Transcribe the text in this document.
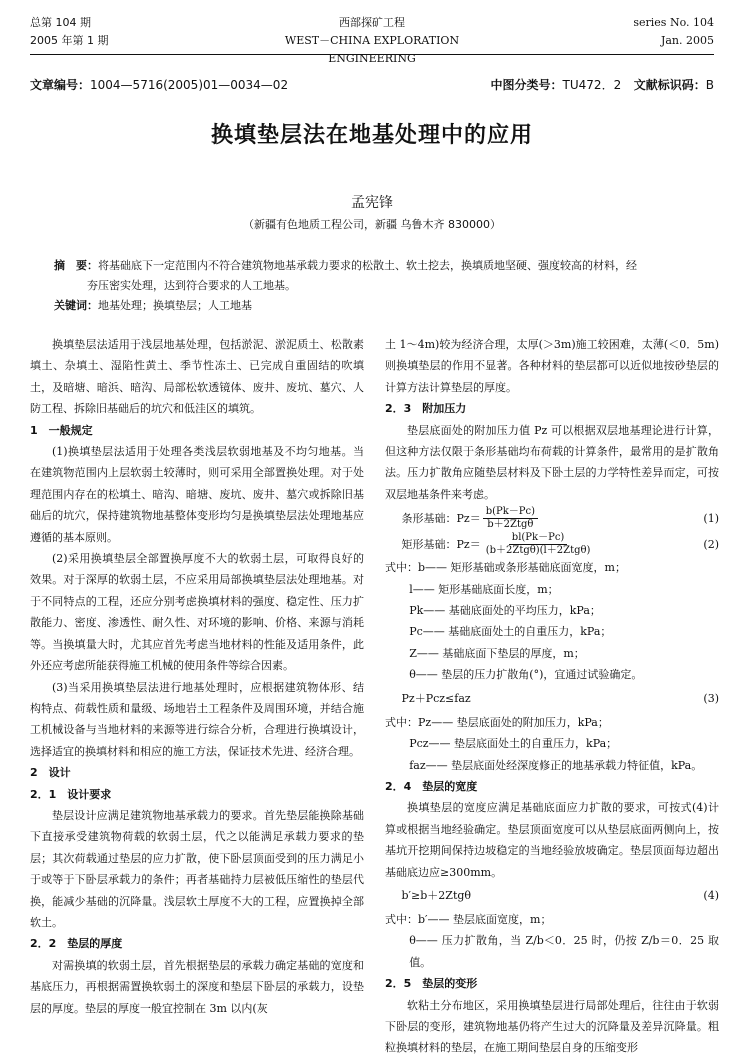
总第 104 期	西部探矿工程	series No. 104
2005 年第 1 期	WEST－CHINA EXPLORATION ENGINEERING
Jan. 2005
文章编号：1004—5716(2005)01—0034—02	中图分类号：TU472．2 文献标识码：B
换填垫层法在地基处理中的应用
孟宪锋
（新疆有色地质工程公司，新疆 乌鲁木齐 830000）
摘　要：将基础底下一定范围内不符合建筑物地基承载力要求的松散土、软土挖去，换填质地坚硬、强度较高的材料，经
夯压密实处理，达到符合要求的人工地基。
关键词：地基处理；换填垫层；人工地基

换填垫层法适用于浅层地基处理，包括淤泥、淤泥质土、松散素填土、杂填土、湿陷性黄土、季节性冻土、已完成自重固结的吹填土，及暗塘、暗浜、暗沟、局部松软透镜体、废井、废坑、墓穴、人防工程、拆除旧基础后的坑穴和低洼区的填筑。

1　一般规定

(1)换填垫层法适用于处理各类浅层软弱地基及不均匀地基。当在建筑物范围内上层软弱土较薄时，则可采用全部置换处理。对于处理范围内存在的松填土、暗沟、暗塘、废坑、废井、墓穴或拆除旧基础后的坑穴，保持建筑物地基整体变形均匀是换填垫层法处理地基应遵循的基本原则。

(2)采用换填垫层全部置换厚度不大的软弱土层，可取得良好的效果。对于深厚的软弱土层，不应采用局部换填垫层法处理地基。对于不同特点的工程，还应分别考虑换填材料的强度、稳定性、压力扩散能力、密度、渗透性、耐久性、对环境的影响、价格、来源与消耗等。当换填量大时，尤其应首先考虑当地材料的性能及适用条件，此外还应考虑所能获得施工机械的使用条件等综合因素。

(3)当采用换填垫层法进行地基处理时，应根据建筑物体形、结构特点、荷载性质和量级、场地岩土工程条件及周围环境，并结合施工机械设备与当地材料的来源等进行综合分析，合理进行换填设计，选择适宜的换填材料和相应的施工方法，保证技术先进、经济合理。

2　设计
2．1　设计要求

垫层设计应满足建筑物地基承载力的要求。首先垫层能换除基础下直接承受建筑物荷载的软弱土层，代之以能满足承载力要求的垫层；其次荷载通过垫层的应力扩散，使下卧层顶面受到的压力满足小于或等于下卧层承载力的条件；再者基础持力层被低压缩性的垫层代换，能减少基础的沉降量。浅层软土厚度不大的工程，应置换掉全部软土。

2．2　垫层的厚度

对需换填的软弱土层，首先根据垫层的承载力确定基础的宽度和基底压力，再根据需置换软弱土的深度和垫层下卧层的承载力，设垫层的厚度。垫层的厚度一般宜控制在 3m 以内(灰

土 1～4m)较为经济合理，太厚(＞3m)施工较困难，太薄(＜0．5m)则换填垫层的作用不显著。各种材料的垫层都可以近似地按砂垫层的计算方法计算垫层的厚度。

2．3　附加压力

垫层底面处的附加压力值 Pz 可以根据双层地基理论进行计算，但这种方法仅限于条形基础均布荷载的计算条件，最常用的是扩散角法。压力扩散角应随垫层材料及下卧土层的力学特性差异而定，可按双层地基条件来考虑。

条形基础：$Pz= \frac{b(Pk-Pc)}{\text{b＋2Ztgθ}}$	(1)
矩形基础：$Pz= \frac{bl(Pk-Pc)}{\text{(b＋2Ztgθ)(l＋2Ztgθ)}}$	(2)
式中：b—— 矩形基础或条形基础底面宽度，m；
l—— 矩形基础底面长度，m；
Pk—— 基础底面处的平均压力，kPa；
Pc—— 基础底面处土的自重压力，kPa；
Z—— 基础底面下垫层的厚度，m；
θ—— 垫层的压力扩散角(°)，宜通过试验确定。
Pz＋Pcz≤faz	(3)
式中：Pz—— 垫层底面处的附加压力，kPa；
Pcz—— 垫层底面处土的自重压力，kPa；
faz—— 垫层底面处经深度修正的地基承载力特征值，kPa。
2．4　垫层的宽度

换填垫层的宽度应满足基础底面应力扩散的要求，可按式(4)计算或根据当地经验确定。垫层顶面宽度可以从垫层底面两侧向上，按基坑开挖期间保持边坡稳定的当地经验放坡确定。垫层顶面每边超出基础底边应≥300mm。

b′≥b＋2Ztgθ	(4)
式中：b′—— 垫层底面宽度，m；
θ—— 压力扩散角，当 Z/b＜0．25 时，仍按 Z/b＝0．25 取值。
2．5　垫层的变形

软粘土分布地区，采用换填垫层进行局部处理后，往往由于软弱下卧层的变形，建筑物地基仍将产生过大的沉降量及差异沉降量。粗粒换填材料的垫层，在施工期间垫层自身的压缩变形
